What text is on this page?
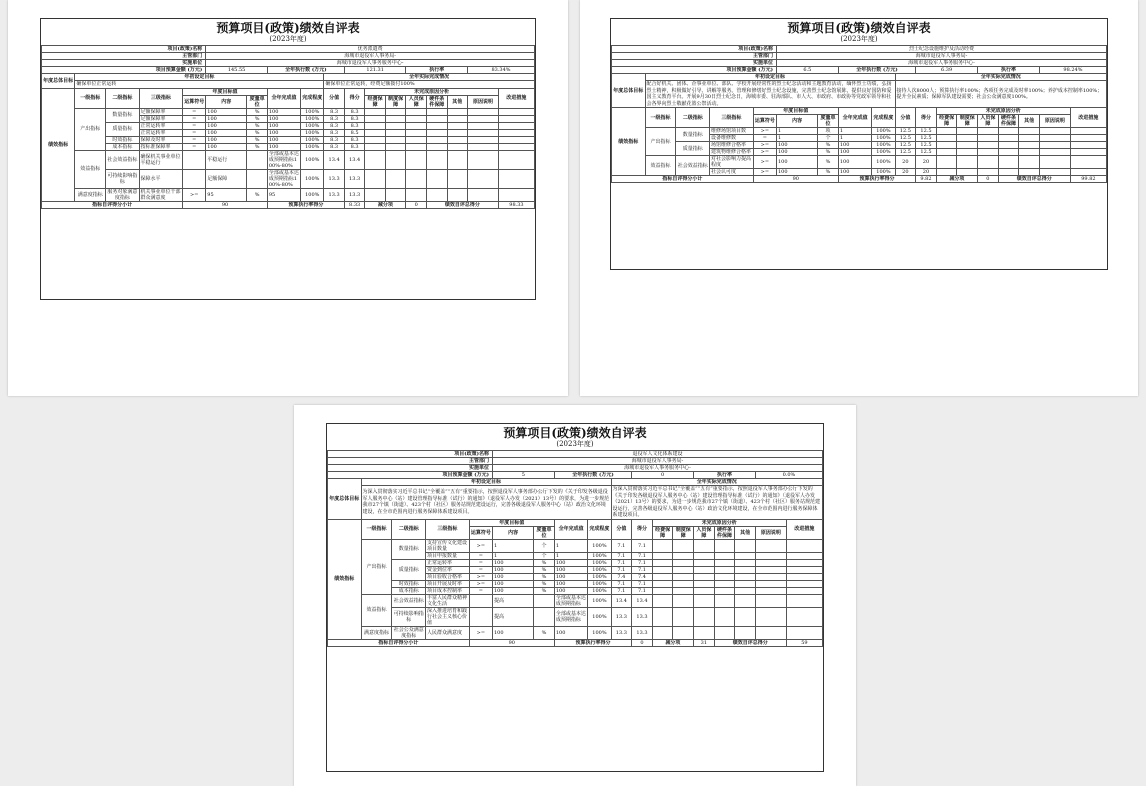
预算项目(政策)绩效自评表
(2023年度)
项目(政策)名称					优务派遣费												
主管部门					海城市退役军人事务局-												
实施单位					海城市退役军人事务服务中心-												
项目预算金额 (万元)					145.55		全年执行数 (万元)			121.31			执行率			83.34%	
年度总体目标	年初设定目标								全年实际完成情况								
	确保单位正常运转								确保单位正常运转，经费足额拨付100%								
绩效指标	一级指标	二级指标	三级指标	年度目标值			全年完成值	完成程度	分值	得分	未完成原因分析						改进措施
				运算符号	内容	度量单位					经费保障	制度保障	人员保障	硬件条件保障	其他	原因说明	
	产出指标	数量指标	足额保障率	=	100	%	100	100%	8.3	8.3							
			足额保障率	=	100	%	100	100%	8.3	8.3							
		质量指标	正常运转率	=	100	%	100	100%	8.3	8.3							
			正常运转率	=	100	%	100	100%	8.3	8.5							
		时效指标	保障及时率	=	100	%	100	100%	8.3	8.3							
		成本指标	按标准保障率	=	100	%	100	100%	8.3	8.3							
	效益指标	社会效益指标	确保机关事业单位平稳运行		平稳运行		全部或基本达成预期指标100%-80%	100%	13.4	13.4							
		可持续影响指标	保障水平		足额保障		全部或基本达成预期指标100%-80%	100%	13.3	13.3							
	满意度指标	服务对象满意度指标	机关事业单位干部群众满意度	>=	95	%	95	100%	13.3	13.3							
指标自评得分小计				90			预算执行率得分			8.33	减分项		0	绩效自评总得分			98.33
预算项目(政策)绩效自评表
(2023年度)
项目(政策)名称					烈士纪念设施维护及活动经费												
主管部门					海城市退役军人事务局-												
实施单位					海城市退役军人事务服务中心-												
项目预算金额 (万元)					6.5		全年执行数 (万元)			6.39			执行率			98.24%	
年度总体目标	年初设定目标								全年实际完成情况								
	配合好机关、团体、企事业单位、部队、学校开展经常性的烈士纪念活动和主题教育活动，缅怀烈士功绩，弘扬烈士精神，积极做好引导、讲解等服务。管理和修缮好烈士纪念设施，完善烈士纪念馆展陈，提供良好国防和爱国主义教育平台。开展9月30日烈士纪念日，海城市委、驻海部队、市人大、市政府、市政协等党政军领导和社会各界向烈士敬献花篮公祭活动。								接待人次8000人；预算执行率100%；各项任务完成及时率100%；养护成本控制率100%；提升全民素质；保障军队建设需要；社会公众满意度100%。								
绩效指标	一级指标	二级指标	三级指标	年度目标值			全年完成值	完成程度	分值	得分	未完成原因分析						改进措施
				运算符号	内容	度量单位					经费保障	制度保障	人员保障	硬件条件保障	其他	原因说明	
	产出指标	数量指标	维修场馆项目数	>=	1	项	1	100%	12.5	12.5							
			设备维修数	=	1	个	1	100%	12.5	12.5							
		质量指标	场馆维修合格率	>=	100	%	100	100%	12.5	12.5							
			建筑物维修合格率	>=	100	%	100	100%	12.5	12.5							
	效益指标	社会效益指标	对社会影响力提高程度	>=	100	%	100	100%	20	20							
			社会认可度	>=	100	%	100	100%	20	20							
指标自评得分小计				90			预算执行率得分			9.82	减分项		0	绩效自评总得分			99.82
预算项目(政策)绩效自评表
(2023年度)
项目(政策)名称					退役军人文化体系建设												
主管部门					海城市退役军人事务局-												
实施单位					海城市退役军人事务服务中心-												
项目预算金额 (万元)					5		全年执行数 (万元)			0			执行率			0.0%	
年度总体目标	年初设定目标								全年实际完成情况								
	为深入贯彻落实习近平总书记“全覆盖”“五有”重要指示，按照退役军人事务部办公厅下发的《关于印发各级退役军人服务中心（站）建设管理指导标准（试行）的通知》（退役军人办发（2021）13号）的要求，为进一步规范我市27个镇（街道）、423个村（社区）服务站规范建设运行，完善各级退役军人服务中心（站）政治文化环境建设，在全市范围内进行服务保障体系建设项目。								为深入贯彻落实习近平总书记“全覆盖”“五有”重要指示，按照退役军人事务部办公厅下发的《关于印发各级退役军人服务中心（站）建设管理指导标准（试行）的通知》（退役军人办发（2021）13号）的要求，为进一步规范我市27个镇（街道）、423个村（社区）服务站规范建设运行，完善各级退役军人服务中心（站）政治文化环境建设，在全市范围内进行服务保障体系建设项目。								
绩效指标	一级指标	二级指标	三级指标	年度目标值			全年完成值	完成程度	分值	得分	未完成原因分析						改进措施
				运算符号	内容	度量单位					经费保障	制度保障	人员保障	硬件条件保障	其他	原因说明	
	产出指标	数量指标	支持宣传文化建设项目数量	>=	1	个	1	100%	7.1	7.1							
			项目申报数量	=	1	个	1	100%	7.1	7.1							
		质量指标	正常运转率	=	100	%	100	100%	7.1	7.1							
			资金到位率	=	100	%	100	100%	7.1	7.1							
			项目验收合格率	>=	100	%	100	100%	7.4	7.4							
		时效指标	项目开展及时率	>=	100	%	100	100%	7.1	7.1							
		成本指标	项目成本控制率	=	100	%	100	100%	7.1	7.1							
	效益指标	社会效益指标	丰富人民群众精神文化生活		提高		全部或基本达成预期指标	100%	13.4	13.4							
		可持续影响指标	深入推进培育和践行社会主义核心价值		提高		全部或基本达成预期指标	100%	13.3	13.3							
	满意度指标	社会公众满意度指标	人民群众满意度	>=	100	%	100	100%	13.3	13.3							
指标自评得分小计				90			预算执行率得分			0	减分项		31	绩效自评总得分			59
